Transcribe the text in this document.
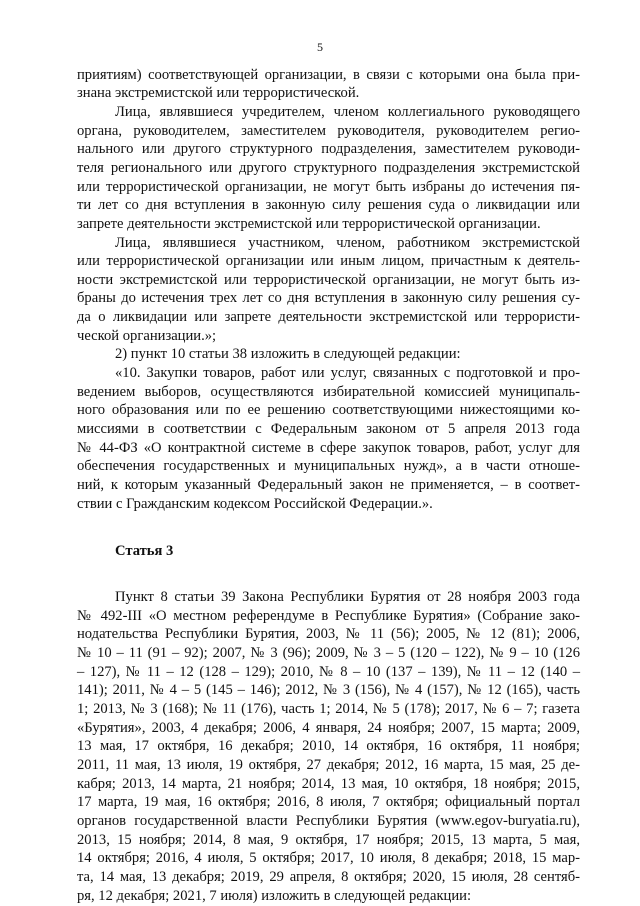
5
приятиям) соответствующей организации, в связи с которыми она была при-
знана экстремистской или террористической.
Лица, являвшиеся учредителем, членом коллегиального руководящего
органа, руководителем, заместителем руководителя, руководителем регио-
нального или другого структурного подразделения, заместителем руководи-
теля регионального или другого структурного подразделения экстремистской
или террористической организации, не могут быть избраны до истечения пя-
ти лет со дня вступления в законную силу решения суда о ликвидации или
запрете деятельности экстремистской или террористической организации.
Лица, являвшиеся участником, членом, работником экстремистской
или террористической организации или иным лицом, причастным к деятель-
ности экстремистской или террористической организации, не могут быть из-
браны до истечения трех лет со дня вступления в законную силу решения су-
да о ликвидации или запрете деятельности экстремистской или террористи-
ческой организации.»;
2) пункт 10 статьи 38 изложить в следующей редакции:
«10. Закупки товаров, работ или услуг, связанных с подготовкой и про-
ведением выборов, осуществляются избирательной комиссией муниципаль-
ного образования или по ее решению соответствующими нижестоящими ко-
миссиями в соответствии с Федеральным законом от 5 апреля 2013 года
№ 44-ФЗ «О контрактной системе в сфере закупок товаров, работ, услуг для
обеспечения государственных и муниципальных нужд», а в части отноше-
ний, к которым указанный Федеральный закон не применяется, – в соответ-
ствии с Гражданским кодексом Российской Федерации.».
Статья 3
Пункт 8 статьи 39 Закона Республики Бурятия от 28 ноября 2003 года
№ 492-III «О местном референдуме в Республике Бурятия» (Собрание зако-
нодательства Республики Бурятия, 2003, № 11 (56); 2005, № 12 (81); 2006,
№ 10 – 11 (91 – 92); 2007, № 3 (96); 2009, № 3 – 5 (120 – 122), № 9 – 10 (126
– 127), № 11 – 12 (128 – 129); 2010, № 8 – 10 (137 – 139), № 11 – 12 (140 –
141); 2011, № 4 – 5 (145 – 146); 2012, № 3 (156), № 4 (157), № 12 (165), часть
1; 2013, № 3 (168); № 11 (176), часть 1; 2014, № 5 (178); 2017, № 6 – 7; газета
«Бурятия», 2003, 4 декабря; 2006, 4 января, 24 ноября; 2007, 15 марта; 2009,
13 мая, 17 октября, 16 декабря; 2010, 14 октября, 16 октября, 11 ноября;
2011, 11 мая, 13 июля, 19 октября, 27 декабря; 2012, 16 марта, 15 мая, 25 де-
кабря; 2013, 14 марта, 21 ноября; 2014, 13 мая, 10 октября, 18 ноября; 2015,
17 марта, 19 мая, 16 октября; 2016, 8 июля, 7 октября; официальный портал
органов государственной власти Республики Бурятия (www.egov-buryatia.ru),
2013, 15 ноября; 2014, 8 мая, 9 октября, 17 ноября; 2015, 13 марта, 5 мая,
14 октября; 2016, 4 июля, 5 октября; 2017, 10 июля, 8 декабря; 2018, 15 мар-
та, 14 мая, 13 декабря; 2019, 29 апреля, 8 октября; 2020, 15 июля, 28 сентяб-
ря, 12 декабря; 2021, 7 июля) изложить в следующей редакции:
